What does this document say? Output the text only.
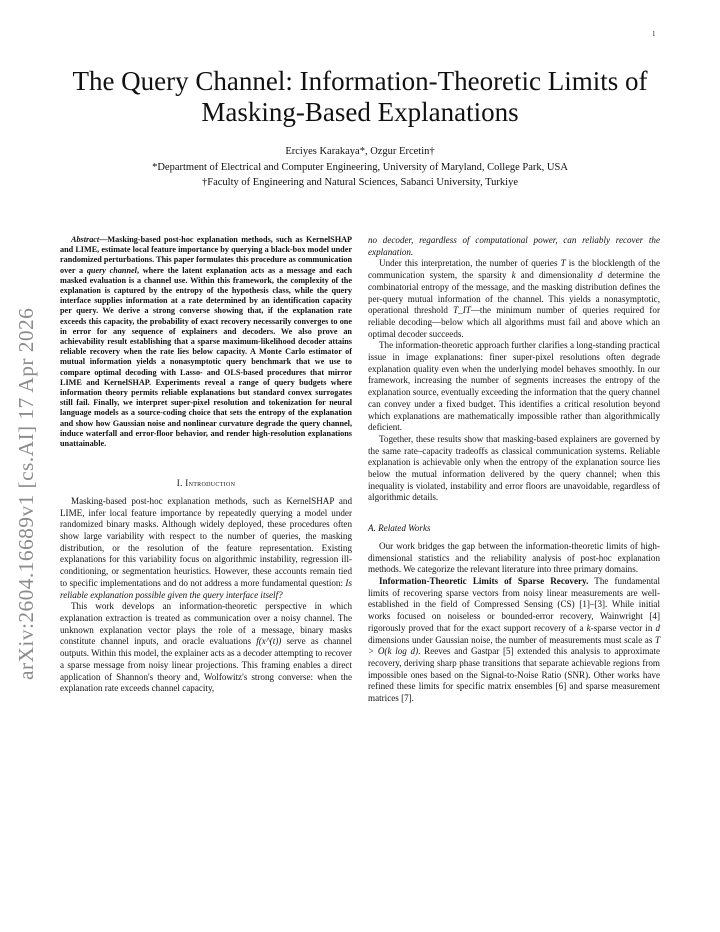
1
arXiv:2604.16689v1 [cs.AI] 17 Apr 2026
The Query Channel: Information-Theoretic Limits of Masking-Based Explanations
Erciyes Karakaya*, Ozgur Ercetin†
*Department of Electrical and Computer Engineering, University of Maryland, College Park, USA
†Faculty of Engineering and Natural Sciences, Sabanci University, Turkiye

Abstract—Masking-based post-hoc explanation methods, such as KernelSHAP and LIME, estimate local feature importance by querying a black-box model under randomized perturbations. This paper formulates this procedure as communication over a query channel, where the latent explanation acts as a message and each masked evaluation is a channel use. Within this framework, the complexity of the explanation is captured by the entropy of the hypothesis class, while the query interface supplies information at a rate determined by an identification capacity per query. We derive a strong converse showing that, if the explanation rate exceeds this capacity, the probability of exact recovery necessarily converges to one in error for any sequence of explainers and decoders. We also prove an achievability result establishing that a sparse maximum-likelihood decoder attains reliable recovery when the rate lies below capacity. A Monte Carlo estimator of mutual information yields a nonasymptotic query benchmark that we use to compare optimal decoding with Lasso- and OLS-based procedures that mirror LIME and KernelSHAP. Experiments reveal a range of query budgets where information theory permits reliable explanations but standard convex surrogates still fail. Finally, we interpret super-pixel resolution and tokenization for neural language models as a source-coding choice that sets the entropy of the explanation and show how Gaussian noise and nonlinear curvature degrade the query channel, induce waterfall and error-floor behavior, and render high-resolution explanations unattainable.

I. Introduction

Masking-based post-hoc explanation methods, such as KernelSHAP and LIME, infer local feature importance by repeatedly querying a model under randomized binary masks. Although widely deployed, these procedures often show large variability with respect to the number of queries, the masking distribution, or the resolution of the feature representation. Existing explanations for this variability focus on algorithmic instability, regression ill-conditioning, or segmentation heuristics. However, these accounts remain tied to specific implementations and do not address a more fundamental question: Is reliable explanation possible given the query interface itself?

This work develops an information-theoretic perspective in which explanation extraction is treated as communication over a noisy channel. The unknown explanation vector plays the role of a message, binary masks constitute channel inputs, and oracle evaluations f(x^(t)) serve as channel outputs. Within this model, the explainer acts as a decoder attempting to recover a sparse message from noisy linear projections. This framing enables a direct application of Shannon's theory and, Wolfowitz's strong converse: when the explanation rate exceeds channel capacity,

no decoder, regardless of computational power, can reliably recover the explanation.

Under this interpretation, the number of queries T is the blocklength of the communication system, the sparsity k and dimensionality d determine the combinatorial entropy of the message, and the masking distribution defines the per-query mutual information of the channel. This yields a nonasymptotic, operational threshold T_IT—the minimum number of queries required for reliable decoding—below which all algorithms must fail and above which an optimal decoder succeeds.

The information-theoretic approach further clarifies a long-standing practical issue in image explanations: finer super-pixel resolutions often degrade explanation quality even when the underlying model behaves smoothly. In our framework, increasing the number of segments increases the entropy of the explanation source, eventually exceeding the information that the query channel can convey under a fixed budget. This identifies a critical resolution beyond which explanations are mathematically impossible rather than algorithmically deficient.

Together, these results show that masking-based explainers are governed by the same rate–capacity tradeoffs as classical communication systems. Reliable explanation is achievable only when the entropy of the explanation source lies below the mutual information delivered by the query channel; when this inequality is violated, instability and error floors are unavoidable, regardless of algorithmic details.

A. Related Works

Our work bridges the gap between the information-theoretic limits of high-dimensional statistics and the reliability analysis of post-hoc explanation methods. We categorize the relevant literature into three primary domains.

Information-Theoretic Limits of Sparse Recovery. The fundamental limits of recovering sparse vectors from noisy linear measurements are well-established in the field of Compressed Sensing (CS) [1]–[3]. While initial works focused on noiseless or bounded-error recovery, Wainwright [4] rigorously proved that for the exact support recovery of a k-sparse vector in d dimensions under Gaussian noise, the number of measurements must scale as T > O(k log d). Reeves and Gastpar [5] extended this analysis to approximate recovery, deriving sharp phase transitions that separate achievable regions from impossible ones based on the Signal-to-Noise Ratio (SNR). Other works have refined these limits for specific matrix ensembles [6] and sparse measurement matrices [7].
